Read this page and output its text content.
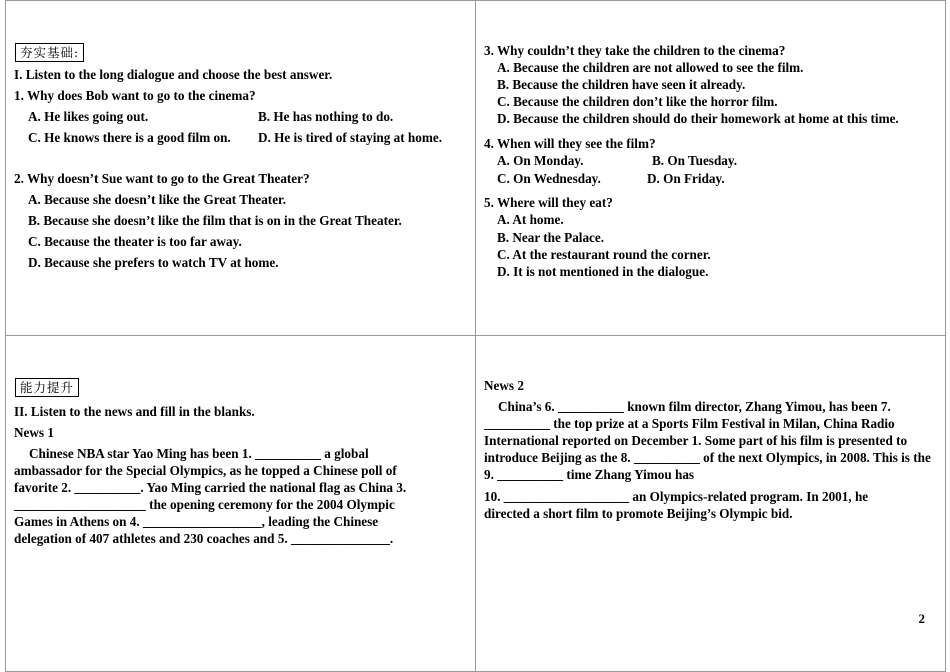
夯实基础:
I. Listen to the long dialogue and choose the best answer.
1. Why does Bob want to go to the cinema?
A. He likes going out.	B. He has nothing to do.
C. He knows there is a good film on. D. He is tired of staying at home.
2. Why doesn’t Sue want to go to the Great Theater?
A. Because she doesn’t like the Great Theater.
B. Because she doesn’t like the film that is on in the Great Theater.
C. Because the theater is too far away.
D. Because she prefers to watch TV at home.
3. Why couldn’t they take the children to the cinema?
A. Because the children are not allowed to see the film.
B. Because the children have seen it already.
C. Because the children don’t like the horror film.
D. Because the children should do their homework at home at this time.
4. When will they see the film?
A. On Monday.	B. On Tuesday.
C. On Wednesday.	D. On Friday.
5. Where will they eat?
A. At home.
B. Near the Palace.
C. At the restaurant round the corner.
D. It is not mentioned in the dialogue.
能力提升
II. Listen to the news and fill in the blanks.
News 1
Chinese NBA star Yao Ming has been 1. __________ a global ambassador for the Special Olympics, as he topped a Chinese poll of favorite 2. __________. Yao Ming carried the national flag as China 3. ____________________ the opening ceremony for the 2004 Olympic Games in Athens on 4. __________________, leading the Chinese delegation of 407 athletes and 230 coaches and 5. _______________.
News 2
China’s 6. __________ known film director, Zhang Yimou, has been 7. __________ the top prize at a Sports Film Festival in Milan, China Radio International reported on December 1. Some part of his film is presented to introduce Beijing as the 8. __________ of the next Olympics, in 2008. This is the 9. __________ time Zhang Yimou has
10. ___________________ an Olympics-related program. In 2001, he directed a short film to promote Beijing’s Olympic bid.
2
